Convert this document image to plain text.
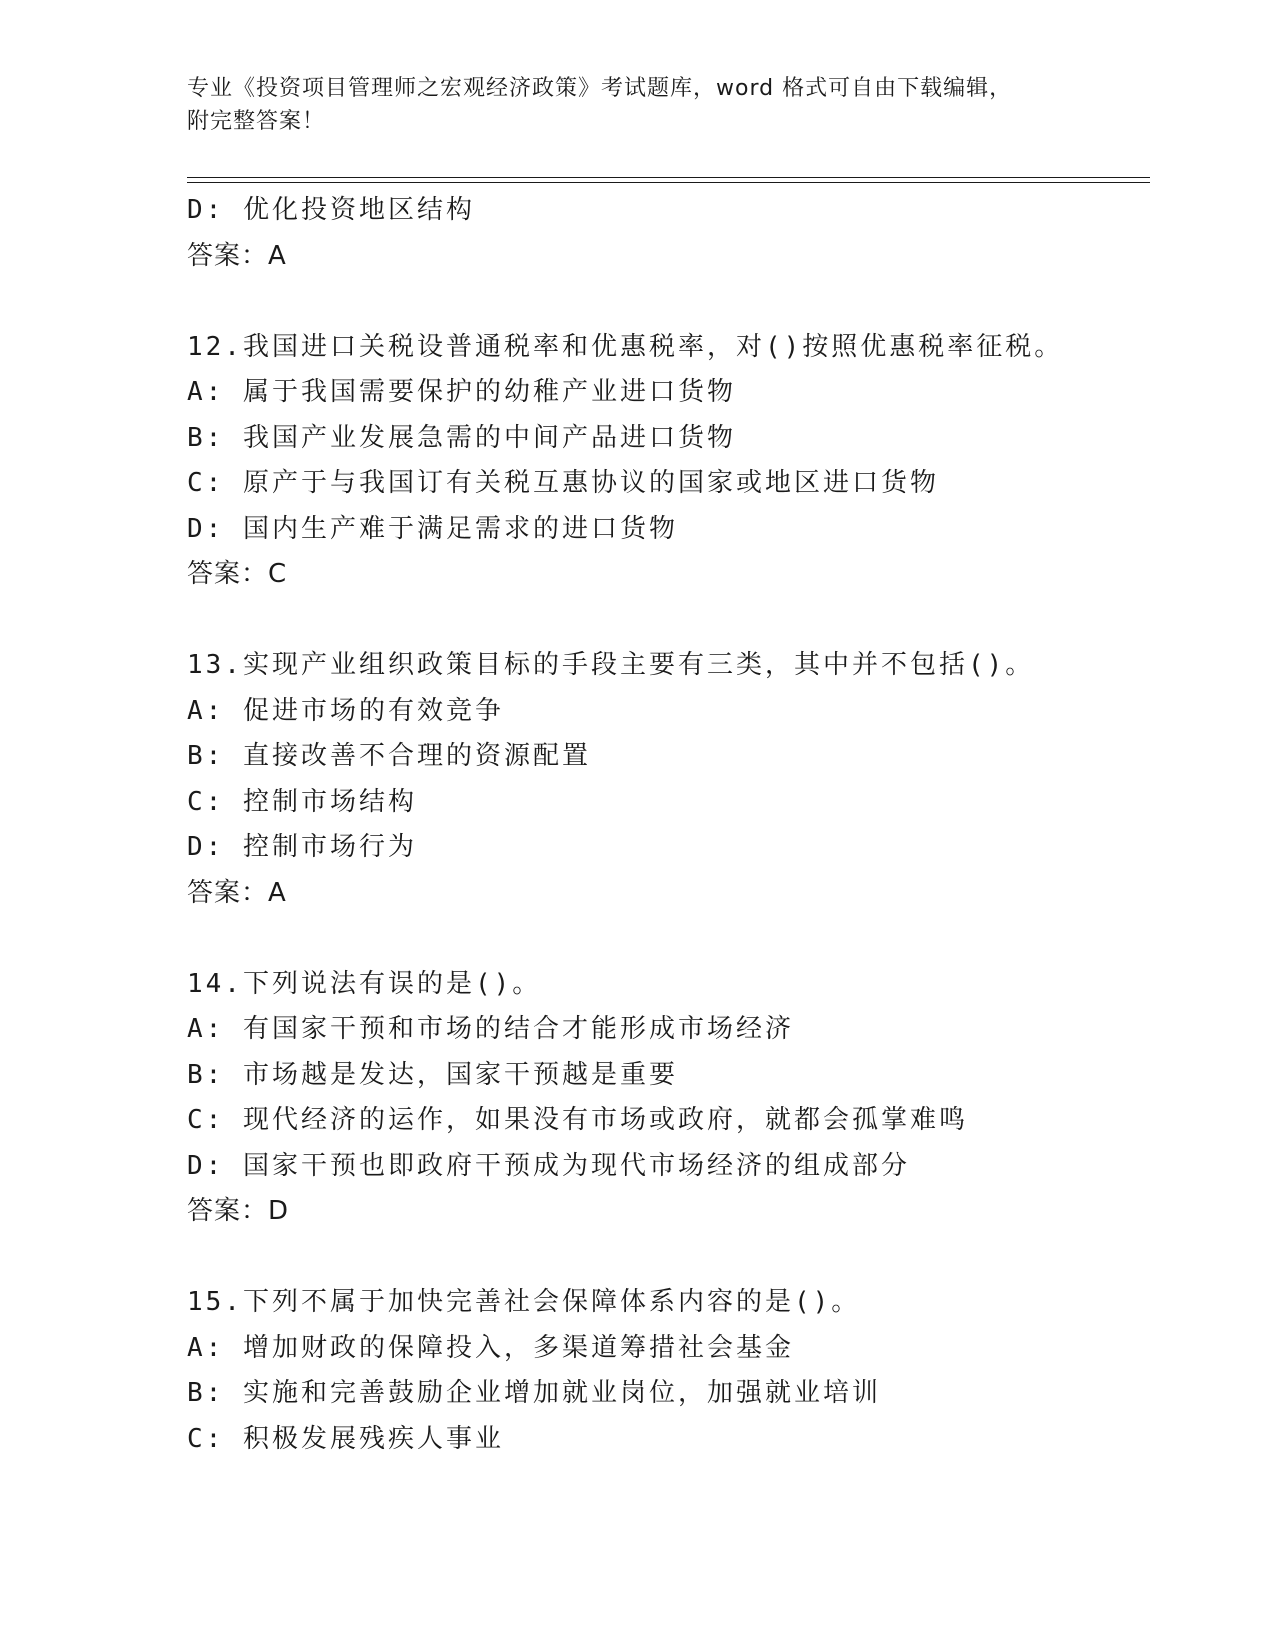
专业《投资项目管理师之宏观经济政策》考试题库，word 格式可自由下载编辑，
附完整答案！
D: 优化投资地区结构
答案：A
12.我国进口关税设普通税率和优惠税率，对()按照优惠税率征税。
A: 属于我国需要保护的幼稚产业进口货物
B: 我国产业发展急需的中间产品进口货物
C: 原产于与我国订有关税互惠协议的国家或地区进口货物
D: 国内生产难于满足需求的进口货物
答案：C
13.实现产业组织政策目标的手段主要有三类，其中并不包括()。
A: 促进市场的有效竞争
B: 直接改善不合理的资源配置
C: 控制市场结构
D: 控制市场行为
答案：A
14.下列说法有误的是()。
A: 有国家干预和市场的结合才能形成市场经济
B: 市场越是发达，国家干预越是重要
C: 现代经济的运作，如果没有市场或政府，就都会孤掌难鸣
D: 国家干预也即政府干预成为现代市场经济的组成部分
答案：D
15.下列不属于加快完善社会保障体系内容的是()。
A: 增加财政的保障投入，多渠道筹措社会基金
B: 实施和完善鼓励企业增加就业岗位，加强就业培训
C: 积极发展残疾人事业
